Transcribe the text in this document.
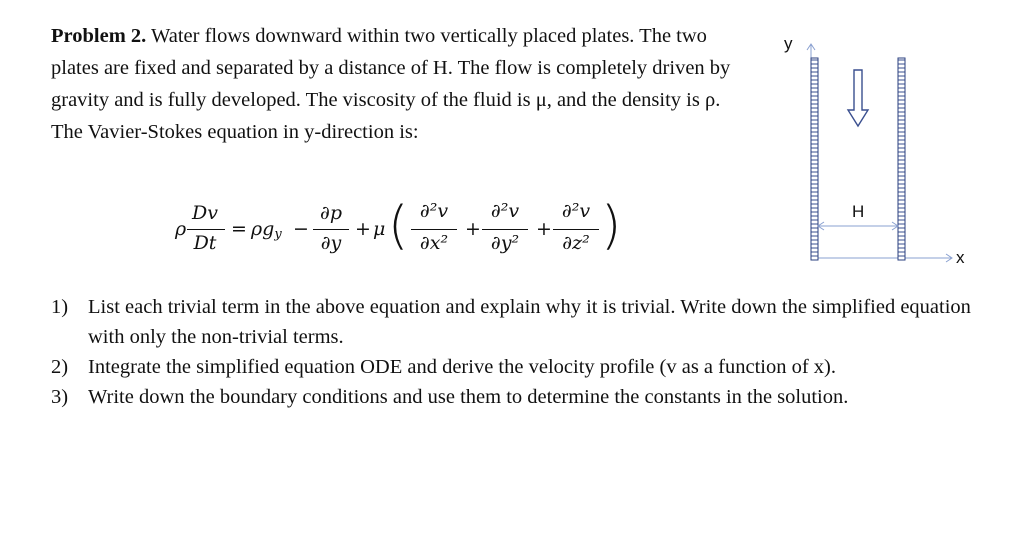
Problem 2. Water flows downward within two vertically placed plates. The two plates are fixed and separated by a distance of H. The flow is completely driven by gravity and is fully developed. The viscosity of the fluid is μ, and the density is ρ. The Vavier-Stokes equation in y-direction is:

ρ
Dv
Dt
= $\rho g_y$ −
∂p
∂y
+ μ ( ∂²v
∂x²
+
∂²v
∂y²
+
∂²v
∂z² )
1) List each trivial term in the above equation and explain why it is trivial. Write down the simplified equation with only the non-trivial terms.
2) Integrate the simplified equation ODE and derive the velocity profile (v as a function of x).
3) Write down the boundary conditions and use them to determine the constants in the solution.
y
x
H
